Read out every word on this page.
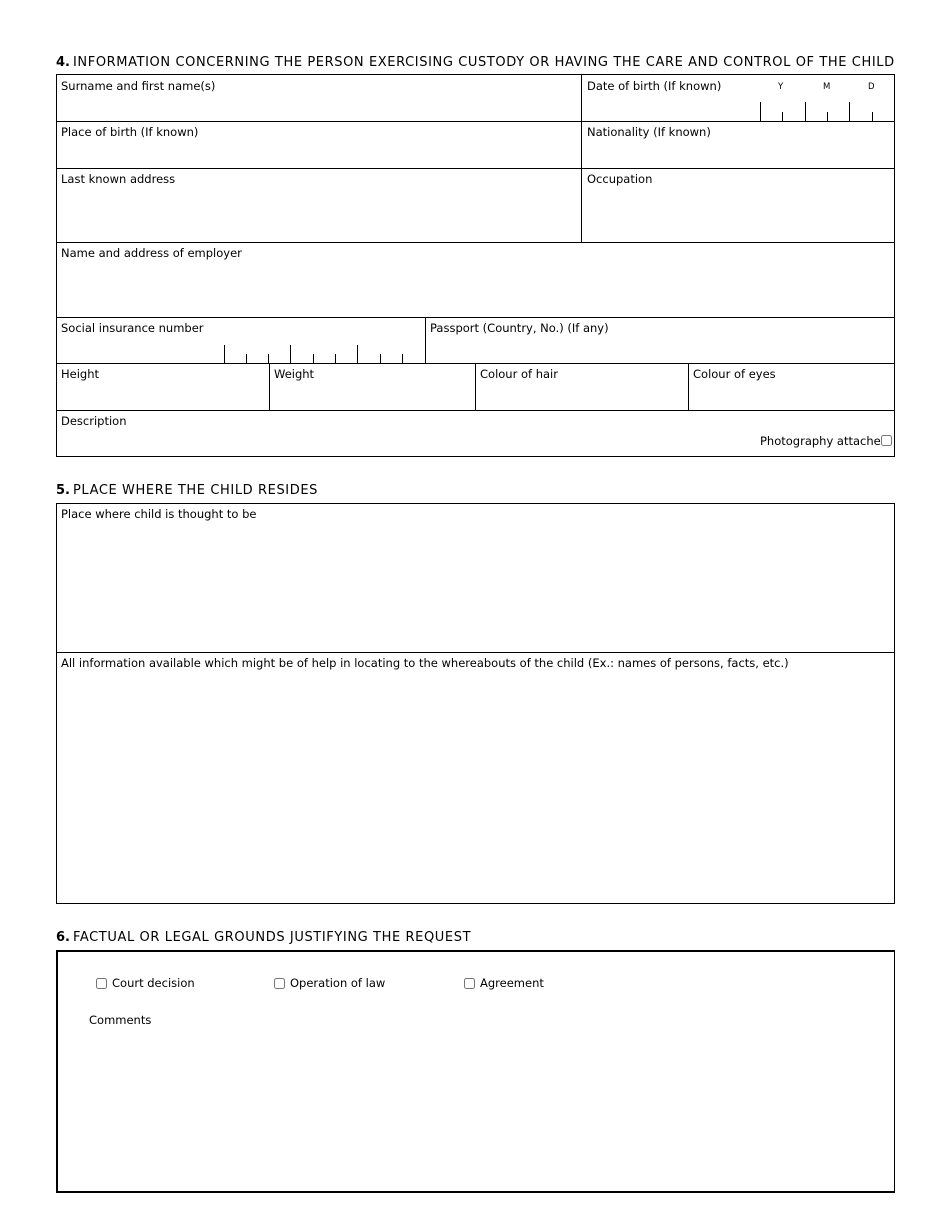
4. INFORMATION CONCERNING THE PERSON EXERCISING CUSTODY OR HAVING THE CARE AND CONTROL OF THE CHILD
Surname and first name(s)	Date of birth (If known)	Y	M	D
Place of birth (If known)	Nationality (If known)
Last known address	Occupation
Name and address of employer
Social insurance number	Passport (Country, No.) (If any)
Height	Weight	Colour of hair	Colour of eyes
Description
Photography attached
5. PLACE WHERE THE CHILD RESIDES
Place where child is thought to be
All information available which might be of help in locating to the whereabouts of the child (Ex.: names of persons, facts, etc.)
6. FACTUAL OR LEGAL GROUNDS JUSTIFYING THE REQUEST
Court decision	Operation of law	Agreement
Comments
